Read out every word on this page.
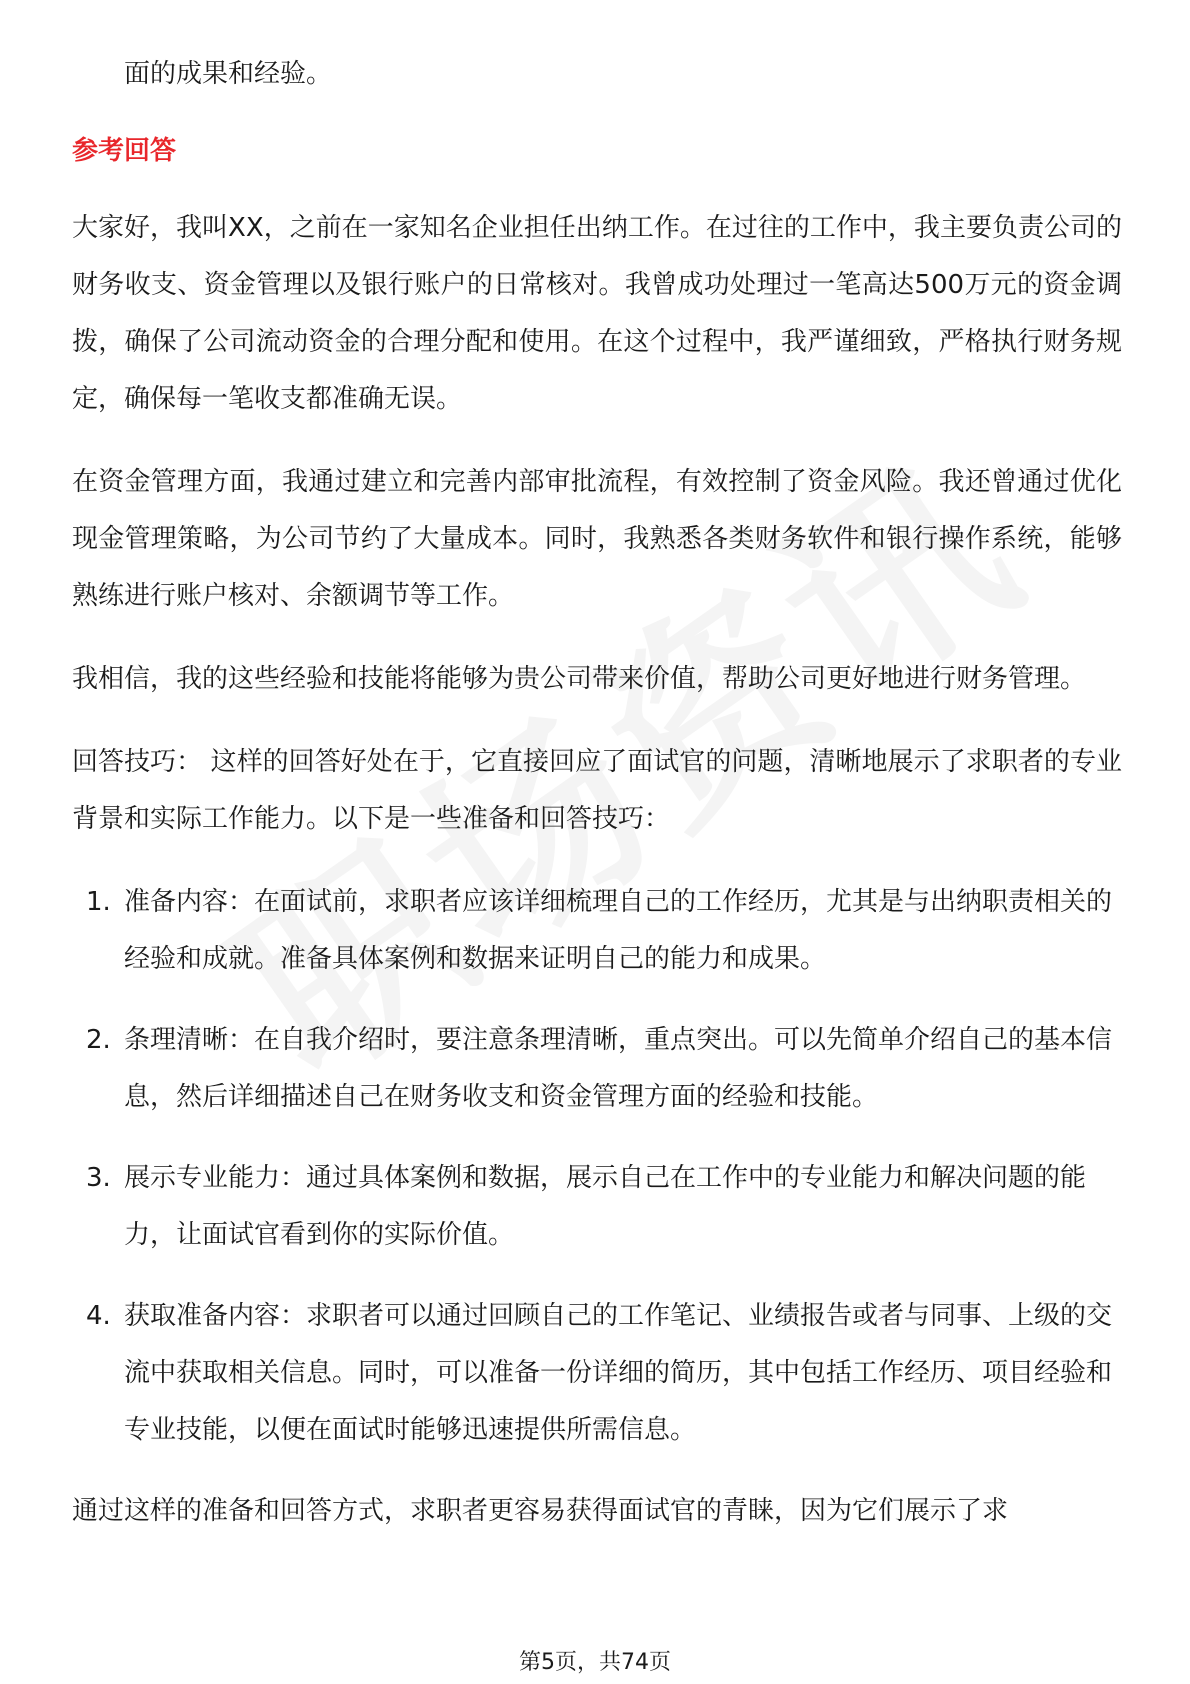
面的成果和经验。
参考回答
大家好，我叫XX，之前在一家知名企业担任出纳工作。在过往的工作中，我主要负责公司的财务收支、资金管理以及银行账户的日常核对。我曾成功处理过一笔高达500万元的资金调拨，确保了公司流动资金的合理分配和使用。在这个过程中，我严谨细致，严格执行财务规定，确保每一笔收支都准确无误。
在资金管理方面，我通过建立和完善内部审批流程，有效控制了资金风险。我还曾通过优化现金管理策略，为公司节约了大量成本。同时，我熟悉各类财务软件和银行操作系统，能够熟练进行账户核对、余额调节等工作。
我相信，我的这些经验和技能将能够为贵公司带来价值，帮助公司更好地进行财务管理。
回答技巧： 这样的回答好处在于，它直接回应了面试官的问题，清晰地展示了求职者的专业背景和实际工作能力。以下是一些准备和回答技巧：
1. 准备内容：在面试前，求职者应该详细梳理自己的工作经历，尤其是与出纳职责相关的经验和成就。准备具体案例和数据来证明自己的能力和成果。
2. 条理清晰：在自我介绍时，要注意条理清晰，重点突出。可以先简单介绍自己的基本信息，然后详细描述自己在财务收支和资金管理方面的经验和技能。
3. 展示专业能力：通过具体案例和数据，展示自己在工作中的专业能力和解决问题的能力，让面试官看到你的实际价值。
4. 获取准备内容：求职者可以通过回顾自己的工作笔记、业绩报告或者与同事、上级的交流中获取相关信息。同时，可以准备一份详细的简历，其中包括工作经历、项目经验和专业技能，以便在面试时能够迅速提供所需信息。
通过这样的准备和回答方式，求职者更容易获得面试官的青睐，因为它们展示了求
第5页，共74页
